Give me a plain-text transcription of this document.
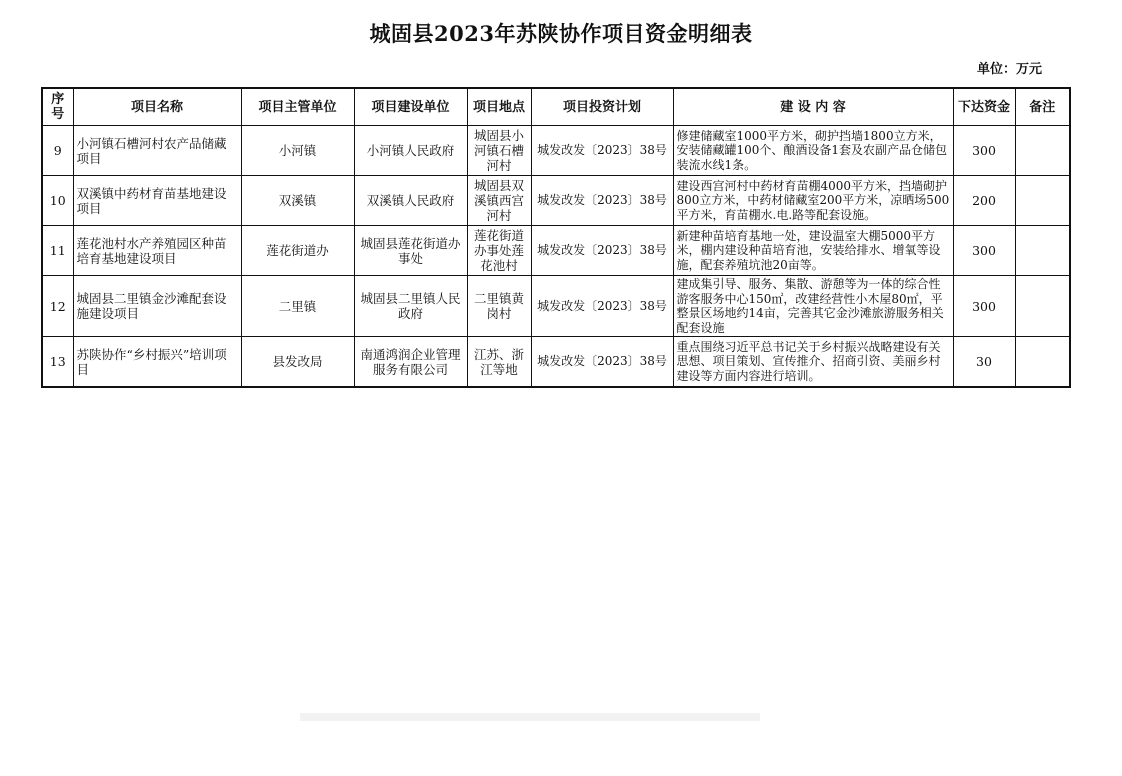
城固县2023年苏陕协作项目资金明细表
单位：万元
序号	项目名称	项目主管单位	项目建设单位	项目地点	项目投资计划	建 设 内 容	下达资金	备注
9	小河镇石槽河村农产品储藏项目	小河镇	小河镇人民政府	城固县小河镇石槽河村	城发改发〔2023〕38号	修建储藏室1000平方米，砌护挡墙1800立方米，安装储藏罐100个、酿酒设备1套及农副产品仓储包装流水线1条。	300	
10	双溪镇中药材育苗基地建设项目	双溪镇	双溪镇人民政府	城固县双溪镇西宫河村	城发改发〔2023〕38号	建设西宫河村中药材育苗棚4000平方米，挡墙砌护800立方米，中药材储藏室200平方米，凉晒场500平方米，育苗棚水.电.路等配套设施。	200	
11	莲花池村水产养殖园区种苗培育基地建设项目	莲花街道办	城固县莲花街道办事处	莲花街道办事处莲花池村	城发改发〔2023〕38号	新建种苗培育基地一处，建设温室大棚5000平方米，棚内建设种苗培育池，安装给排水、增氧等设施，配套养殖坑池20亩等。	300	
12	城固县二里镇金沙滩配套设施建设项目	二里镇	城固县二里镇人民政府	二里镇黄岗村	城发改发〔2023〕38号	建成集引导、服务、集散、游憩等为一体的综合性游客服务中心150㎡，改建经营性小木屋80㎡，平整景区场地约14亩，完善其它金沙滩旅游服务相关配套设施	300	
13	苏陕协作“乡村振兴”培训项目	县发改局	南通鸿润企业管理服务有限公司	江苏、浙江等地	城发改发〔2023〕38号	重点围绕习近平总书记关于乡村振兴战略建设有关思想、项目策划、宣传推介、招商引资、美丽乡村建设等方面内容进行培训。	30	
